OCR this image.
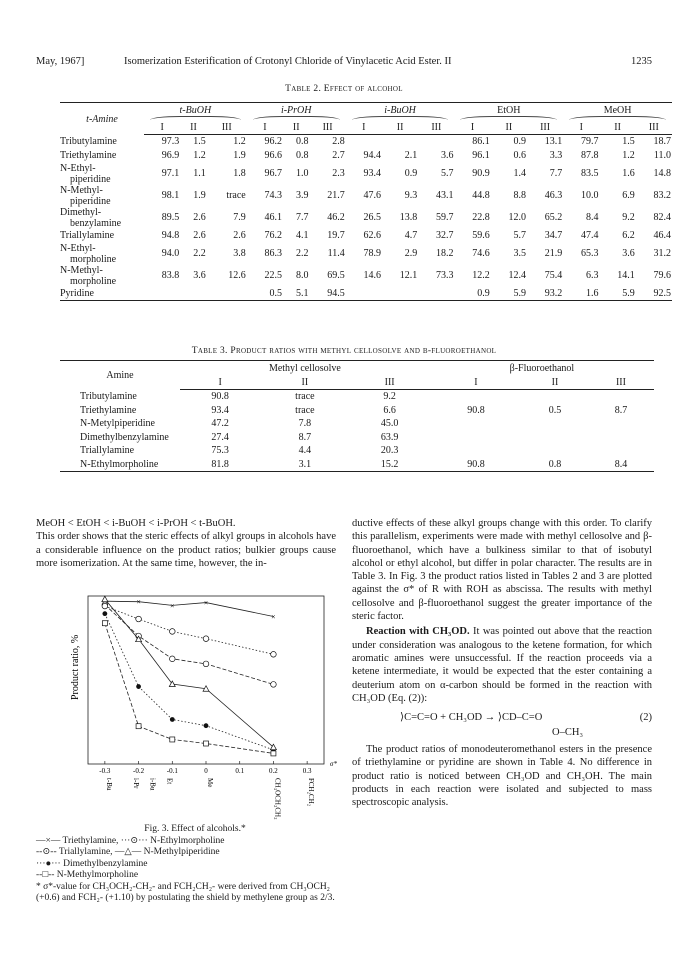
May, 1967]	Isomerization Esterification of Crotonyl Chloride of Vinylacetic Acid Ester. II	1235
Table 2. Effect of alcohol
t-Amine	t-BuOH			i-PrOH			i-BuOH			EtOH			MeOH		

	I	II	III	I	II	III	I	II	III	I	II	III	I	II	III

Tributylamine	97.3	1.5	1.2	96.2	0.8	2.8				86.1	0.9	13.1	79.7	1.5	18.7

Triethylamine	96.9	1.2	1.9	96.6	0.8	2.7	94.4	2.1	3.6	96.1	0.6	3.3	87.8	1.2	11.0

N-Ethyl-
piperidine	97.1	1.1	1.8	96.7	1.0	2.3	93.4	0.9	5.7	90.9	1.4	7.7	83.5	1.6	14.8

N-Methyl-
piperidine	98.1	1.9	trace	74.3	3.9	21.7	47.6	9.3	43.1	44.8	8.8	46.3	10.0	6.9	83.2

Dimethyl-
benzylamine	89.5	2.6	7.9	46.1	7.7	46.2	26.5	13.8	59.7	22.8	12.0	65.2	8.4	9.2	82.4

Triallylamine	94.8	2.6	2.6	76.2	4.1	19.7	62.6	4.7	32.7	59.6	5.7	34.7	47.4	6.2	46.4

N-Ethyl-
morpholine	94.0	2.2	3.8	86.3	2.2	11.4	78.9	2.9	18.2	74.6	3.5	21.9	65.3	3.6	31.2

N-Methyl-
morpholine	83.8	3.6	12.6	22.5	8.0	69.5	14.6	12.1	73.3	12.2	12.4	75.4	6.3	14.1	79.6

Pyridine				0.5	5.1	94.5				0.9	5.9	93.2	1.6	5.9	92.5
Table 3. Product ratios with methyl cellosolve and β-fluoroethanol
Amine	Methyl cellosolve			β-Fluoroethanol		
	I	II	III	I	II	III
Tributylamine	90.8	trace	9.2			
Triethylamine	93.4	trace	6.6	90.8	0.5	8.7
N-Metylpiperidine	47.2	7.8	45.0			
Dimethylbenzylamine	27.4	8.7	63.9			
Triallylamine	75.3	4.4	20.3			
N-Ethylmorpholine	81.8	3.1	15.2	90.8	0.8	8.4

MeOH < EtOH < i-BuOH < i-PrOH < t-BuOH.

This order shows that the steric effects of alkyl groups in alcohols have a considerable influence on the product ratios; bulkier groups cause more isomerization. At the same time, however, the in-

×	×	×
×
-0.3	-0.2	-0.1	0	0.1	0.2	0.3
σ*
Product ratio, %
t-Bu	i-Pr i-Bu Et	Me	CH₃OCH₂CH₂	FCH₂CH₂
Fig. 3. Effect of alcohols.*
—×— Triethylamine, ···⊙··· N-Ethylmorpholine
--⊙-- Triallylamine, —△— N-Methylpiperidine
···●··· Dimethylbenzylamine
--□-- N-Methylmorpholine
* σ*-value for CH₃OCH₂-CH₂- and FCH₂CH₂- were derived from CH₃OCH₂ (+0.6) and FCH₂- (+1.10) by postulating the shield by methylene group as 2/3.

ductive effects of these alkyl groups change with this order. To clarify this parallelism, experiments were made with methyl cellosolve and β-fluoroethanol, which have a bulkiness similar to that of isobutyl alcohol or ethyl alcohol, but differ in polar character. The results are in Table 3. In Fig. 3 the product ratios listed in Tables 2 and 3 are plotted against the σ* of R with ROH as abscissa. The results with methyl cellosolve and β-fluoroethanol suggest the greater importance of the steric factor.

Reaction with CH₃OD. It was pointed out above that the reaction under consideration was analogous to the ketene formation, for which aromatic amines were unsuccessful. If the reaction proceeds via a ketene intermediate, it would be expected that the ester containing a deuterium atom on α-carbon should be formed in the reaction with CH₃OD (Eq. (2)):

⟩C=C=O + CH₃OD → ⟩CD–C=O	(2)
O–CH₃

The product ratios of monodeuteromethanol esters in the presence of triethylamine or pyridine are shown in Table 4. No difference in product ratio is noticed between CH₃OD and CH₃OH. The main products in each reaction were isolated and subjected to mass spectroscopic analysis.
